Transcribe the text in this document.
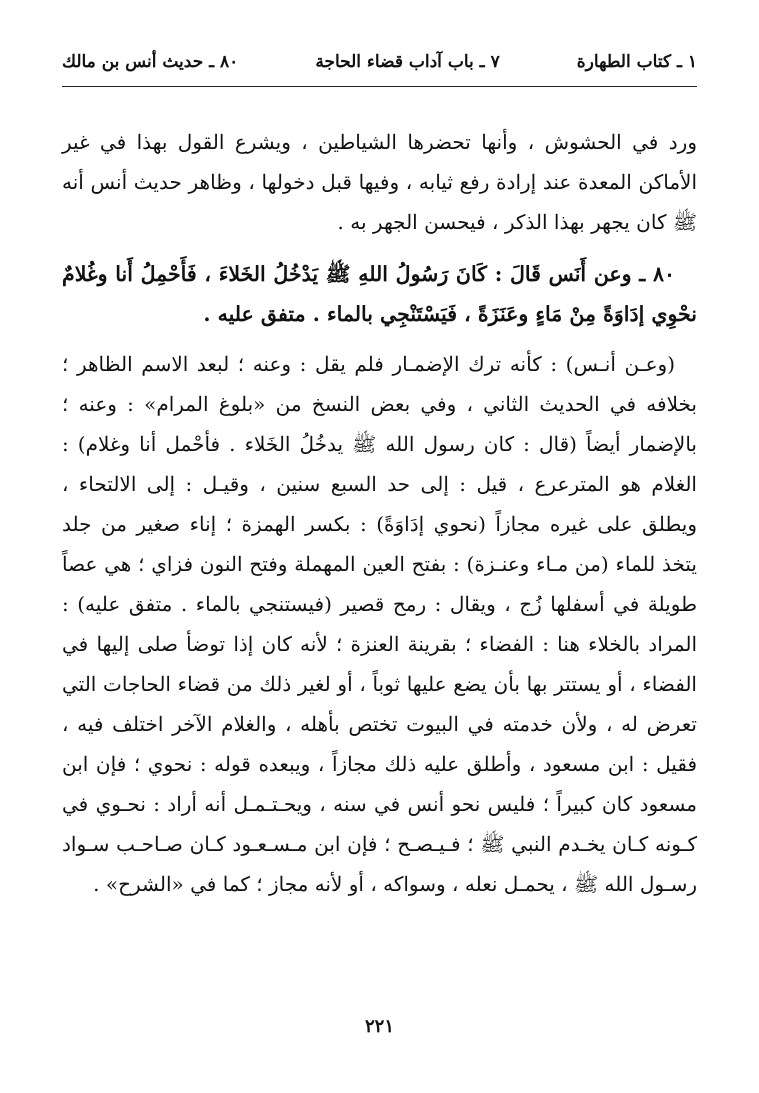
١ ـ كتاب الطهارة
٧ ـ باب آداب قضاء الحاجة
٨٠ ـ حديث أنس بن مالك

ورد في الحشوش ، وأنها تحضرها الشياطين ، ويشرع القول بهذا في غير الأماكن المعدة عند إرادة رفع ثيابه ، وفيها قبل دخولها ، وظاهر حديث أنس أنه ﷺ كان يجهر بهذا الذكر ، فيحسن الجهر به .

٨٠ ـ وعن أَنَس قَالَ : كَانَ رَسُولُ اللهِ ﷺ يَدْخُلُ الخَلاءَ ، فَأَحْمِلُ أَنا وغُلامٌ نحْوِي إدَاوَةً مِنْ مَاءٍ وعَنَزَةً ، فَيَسْتَنْجِي بالماء . متفق عليه .

(وعـن أنـس) : كأنه ترك الإضمـار فلم يقل : وعنه ؛ لبعد الاسم الظاهر ؛ بخلافه في الحديث الثاني ، وفي بعض النسخ من «بلوغ المرام» : وعنه ؛ بالإضمار أيضاً (قال : كان رسول الله ﷺ يدخُلُ الخَلاء . فأحْمل أنا وغلام) : الغلام هو المترعرع ، قيل : إلى حد السبع سنين ، وقيـل : إلى الالتحاء ، ويطلق على غيره مجازاً (نحوي إدَاوَةً) : بكسر الهمزة ؛ إناء صغير من جلد يتخذ للماء (من مـاء وعنـزة) : بفتح العين المهملة وفتح النون فزاي ؛ هي عصاً طويلة في أسفلها زُج ، ويقال : رمح قصير (فيستنجي بالماء . متفق عليه) : المراد بالخلاء هنا : الفضاء ؛ بقرينة العنزة ؛ لأنه كان إذا توضأ صلى إليها في الفضاء ، أو يستتر بها بأن يضع عليها ثوباً ، أو لغير ذلك من قضاء الحاجات التي تعرض له ، ولأن خدمته في البيوت تختص بأهله ، والغلام الآخر اختلف فيه ، فقيل : ابن مسعود ، وأطلق عليه ذلك مجازاً ، ويبعده قوله : نحوي ؛ فإن ابن مسعود كان كبيراً ؛ فليس نحو أنس في سنه ، ويحـتـمـل أنه أراد : نحـوي في كـونه كـان يخـدم النبي ﷺ ؛ فـيـصـح ؛ فإن ابن مـسـعـود كـان صـاحـب سـواد رسـول الله ﷺ ، يحمـل نعله ، وسواكه ، أو لأنه مجاز ؛ كما في «الشرح» .

٢٢١
